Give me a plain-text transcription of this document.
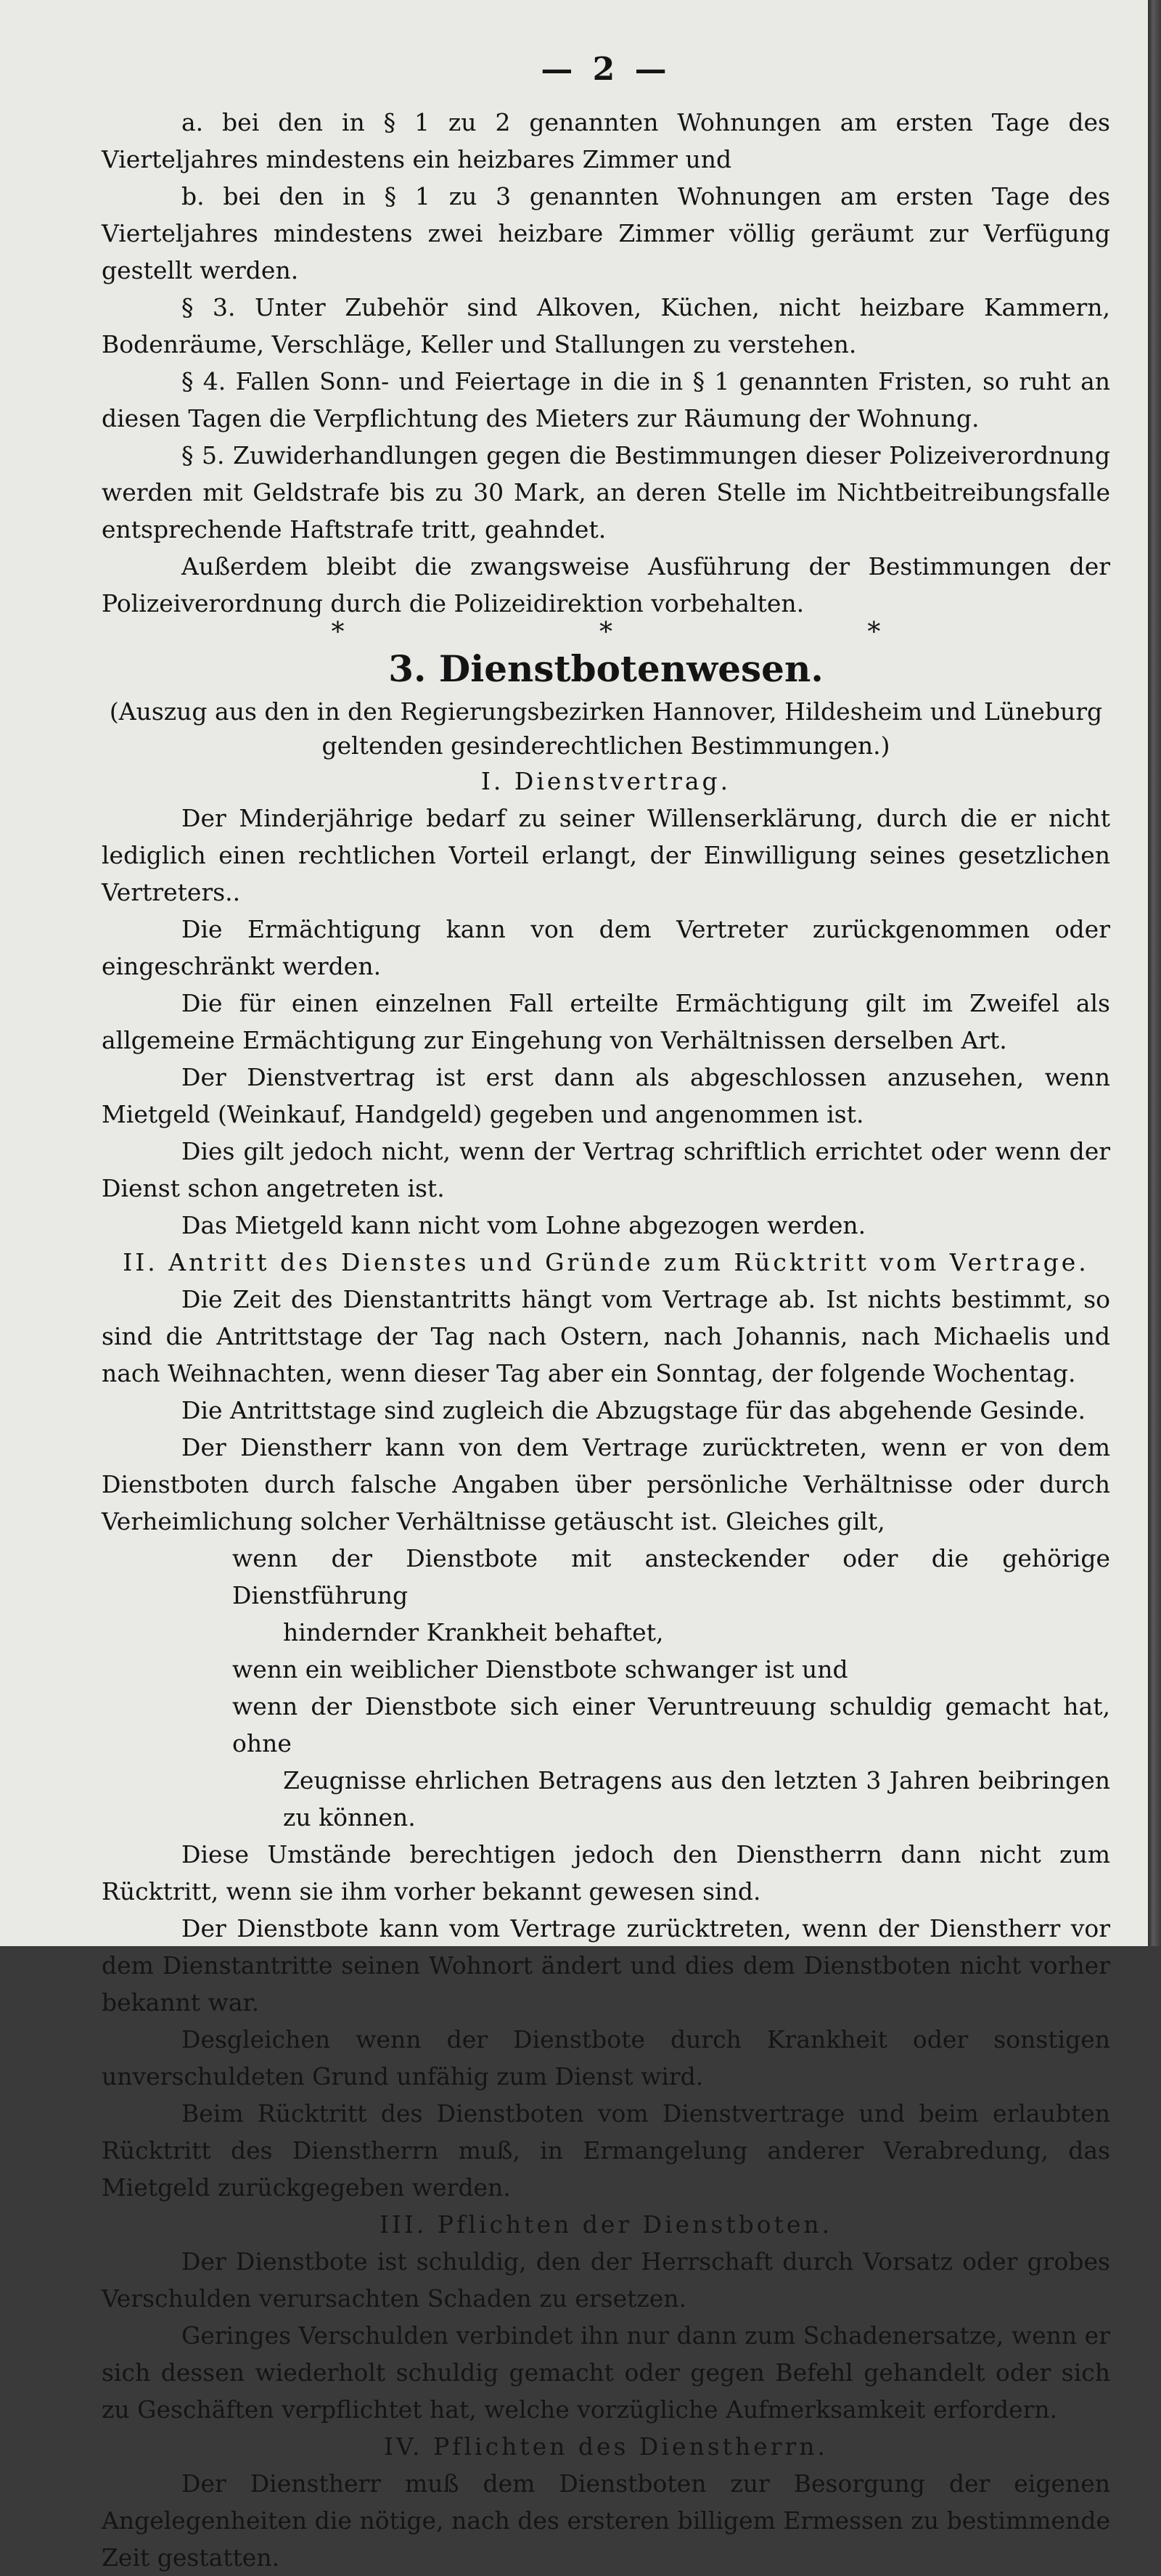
— 2 —

a. bei den in § 1 zu 2 genannten Wohnungen am ersten Tage des Vierteljahres mindestens ein heizbares Zimmer und

b. bei den in § 1 zu 3 genannten Wohnungen am ersten Tage des Vierteljahres mindestens zwei heizbare Zimmer völlig geräumt zur Verfügung gestellt werden.

§ 3. Unter Zubehör sind Alkoven, Küchen, nicht heizbare Kammern, Bodenräume, Verschläge, Keller und Stallungen zu verstehen.

§ 4. Fallen Sonn- und Feiertage in die in § 1 genannten Fristen, so ruht an diesen Tagen die Verpflichtung des Mieters zur Räumung der Wohnung.

§ 5. Zuwiderhandlungen gegen die Bestimmungen dieser Polizeiverordnung werden mit Geldstrafe bis zu 30 Mark, an deren Stelle im Nichtbeitreibungsfalle entsprechende Haftstrafe tritt, geahndet.

Außerdem bleibt die zwangsweise Ausführung der Bestimmungen der Polizeiverordnung durch die Polizeidirektion vorbehalten.

* * *
3. Dienstbotenwesen.
(Auszug aus den in den Regierungsbezirken Hannover, Hildesheim und Lüneburg geltenden gesinderechtlichen Bestimmungen.)
I. Dienstvertrag.

Der Minderjährige bedarf zu seiner Willenserklärung, durch die er nicht lediglich einen rechtlichen Vorteil erlangt, der Einwilligung seines gesetzlichen Vertreters..

Die Ermächtigung kann von dem Vertreter zurückgenommen oder eingeschränkt werden.

Die für einen einzelnen Fall erteilte Ermächtigung gilt im Zweifel als allgemeine Ermächtigung zur Eingehung von Verhältnissen derselben Art.

Der Dienstvertrag ist erst dann als abgeschlossen anzusehen, wenn Mietgeld (Weinkauf, Handgeld) gegeben und angenommen ist.

Dies gilt jedoch nicht, wenn der Vertrag schriftlich errichtet oder wenn der Dienst schon angetreten ist.

Das Mietgeld kann nicht vom Lohne abgezogen werden.

II. Antritt des Dienstes und Gründe zum Rücktritt vom Vertrage.

Die Zeit des Dienstantritts hängt vom Vertrage ab. Ist nichts bestimmt, so sind die Antrittstage der Tag nach Ostern, nach Johannis, nach Michaelis und nach Weihnachten, wenn dieser Tag aber ein Sonntag, der folgende Wochentag.

Die Antrittstage sind zugleich die Abzugstage für das abgehende Gesinde.

Der Dienstherr kann von dem Vertrage zurücktreten, wenn er von dem Dienstboten durch falsche Angaben über persönliche Verhältnisse oder durch Verheimlichung solcher Verhältnisse getäuscht ist. Gleiches gilt,

wenn der Dienstbote mit ansteckender oder die gehörige Dienstführung

hindernder Krankheit behaftet,

wenn ein weiblicher Dienstbote schwanger ist und

wenn der Dienstbote sich einer Veruntreuung schuldig gemacht hat, ohne

Zeugnisse ehrlichen Betragens aus den letzten 3 Jahren beibringen zu können.

Diese Umstände berechtigen jedoch den Dienstherrn dann nicht zum Rücktritt, wenn sie ihm vorher bekannt gewesen sind.

Der Dienstbote kann vom Vertrage zurücktreten, wenn der Dienstherr vor dem Dienstantritte seinen Wohnort ändert und dies dem Dienstboten nicht vorher bekannt war.

Desgleichen wenn der Dienstbote durch Krankheit oder sonstigen unverschuldeten Grund unfähig zum Dienst wird.

Beim Rücktritt des Dienstboten vom Dienstvertrage und beim erlaubten Rücktritt des Dienstherrn muß, in Ermangelung anderer Verabredung, das Mietgeld zurückgegeben werden.

III. Pflichten der Dienstboten.

Der Dienstbote ist schuldig, den der Herrschaft durch Vorsatz oder grobes Verschulden verursachten Schaden zu ersetzen.

Geringes Verschulden verbindet ihn nur dann zum Schadenersatze, wenn er sich dessen wiederholt schuldig gemacht oder gegen Befehl gehandelt oder sich zu Geschäften verpflichtet hat, welche vorzügliche Aufmerksamkeit erfordern.

IV. Pflichten des Dienstherrn.

Der Dienstherr muß dem Dienstboten zur Besorgung der eigenen Angelegenheiten die nötige, nach des ersteren billigem Ermessen zu bestimmende Zeit gestatten.
